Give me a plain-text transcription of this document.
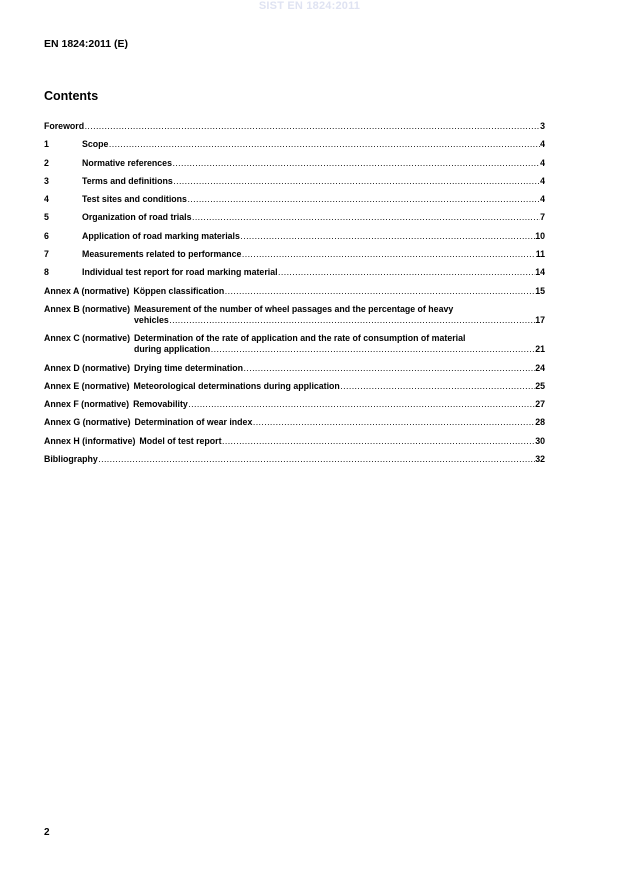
SIST EN 1824:2011
EN 1824:2011 (E)
Contents
Foreword .....	3
1	Scope .....	4
2	Normative references .....	4
3	Terms and definitions .....	4
4	Test sites and conditions .....	4
5	Organization of road trials .....	7
6	Application of road marking materials .....	10
7	Measurements related to performance .....	11
8	Individual test report for road marking material .....	14
Annex A (normative) Köppen classification .....	15
Annex B (normative) Measurement of the number of wheel passages and the percentage of heavy
vehicles .....	17
Annex C (normative) Determination of the rate of application and the rate of consumption of material
during application .....	21
Annex D (normative) Drying time determination .....	24
Annex E (normative) Meteorological determinations during application .....	25
Annex F (normative) Removability .....	27
Annex G (normative) Determination of wear index .....	28
Annex H (informative) Model of test report .....	30
Bibliography .....	32
2
